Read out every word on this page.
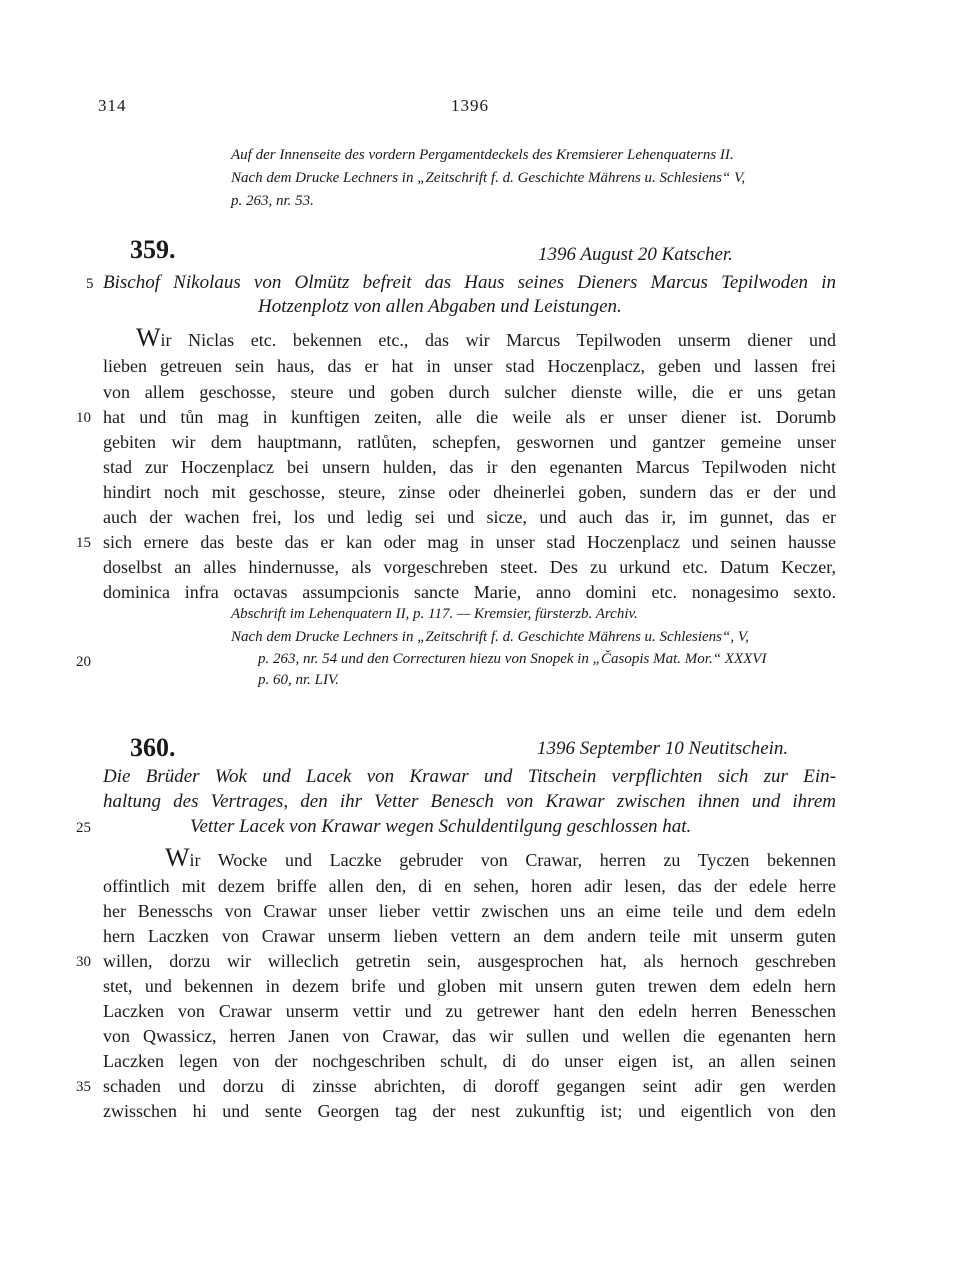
314	1396
Auf der Innenseite des vordern Pergamentdeckels des Kremsierer Lehenquaterns II.
Nach dem Drucke Lechners in „Zeitschrift f. d. Geschichte Mährens u. Schlesiens“ V,
p. 263, nr. 53.
359.	1396 August 20 Katscher.
5 Bischof Nikolaus von Olmütz befreit das Haus seines Dieners Marcus Tepilwoden in
Hotzenplotz von allen Abgaben und Leistungen.
Wir Niclas etc. bekennen etc., das wir Marcus Tepilwoden unserm diener und
lieben getreuen sein haus, das er hat in unser stad Hoczenplacz, geben und lassen frei
von allem geschosse, steure und goben durch sulcher dienste wille, die er uns getan
10 hat und tůn mag in kunftigen zeiten, alle die weile als er unser diener ist. Dorumb
gebiten wir dem hauptmann, ratlůten, schepfen, geswornen und gantzer gemeine unser
stad zur Hoczenplacz bei unsern hulden, das ir den egenanten Marcus Tepilwoden nicht
hindirt noch mit geschosse, steure, zinse oder dheinerlei goben, sundern das er der und
auch der wachen frei, los und ledig sei und sicze, und auch das ir, im gunnet, das er
15 sich ernere das beste das er kan oder mag in unser stad Hoczenplacz und seinen hausse
doselbst an alles hindernusse, als vorgeschreben steet. Des zu urkund etc. Datum Keczer,
dominica infra octavas assumpcionis sancte Marie, anno domini etc. nonagesimo sexto.
Abschrift im Lehenquatern II, p. 117. — Kremsier, fürsterzb. Archiv.
Nach dem Drucke Lechners in „Zeitschrift f. d. Geschichte Mährens u. Schlesiens“, V,
20	p. 263, nr. 54 und den Correcturen hiezu von Snopek in „Časopis Mat. Mor.“ XXXVI
p. 60, nr. LIV.
360.	1396 September 10 Neutitschein.
Die Brüder Wok und Lacek von Krawar und Titschein verpflichten sich zur Ein-
haltung des Vertrages, den ihr Vetter Benesch von Krawar zwischen ihnen und ihrem
25	Vetter Lacek von Krawar wegen Schuldentilgung geschlossen hat.
Wir Wocke und Laczke gebruder von Crawar, herren zu Tyczen bekennen
offintlich mit dezem briffe allen den, di en sehen, horen adir lesen, das der edele herre
her Benesschs von Crawar unser lieber vettir zwischen uns an eime teile und dem edeln
hern Laczken von Crawar unserm lieben vettern an dem andern teile mit unserm guten
30 willen, dorzu wir willeclich getretin sein, ausgesprochen hat, als hernoch geschreben
stet, und bekennen in dezem brife und globen mit unsern guten trewen dem edeln hern
Laczken von Crawar unserm vettir und zu getrewer hant den edeln herren Benesschen
von Qwassicz, herren Janen von Crawar, das wir sullen und wellen die egenanten hern
Laczken legen von der nochgeschriben schult, di do unser eigen ist, an allen seinen
35 schaden und dorzu di zinsse abrichten, di doroff gegangen seint adir gen werden
zwisschen hi und sente Georgen tag der nest zukunftig ist; und eigentlich von den
